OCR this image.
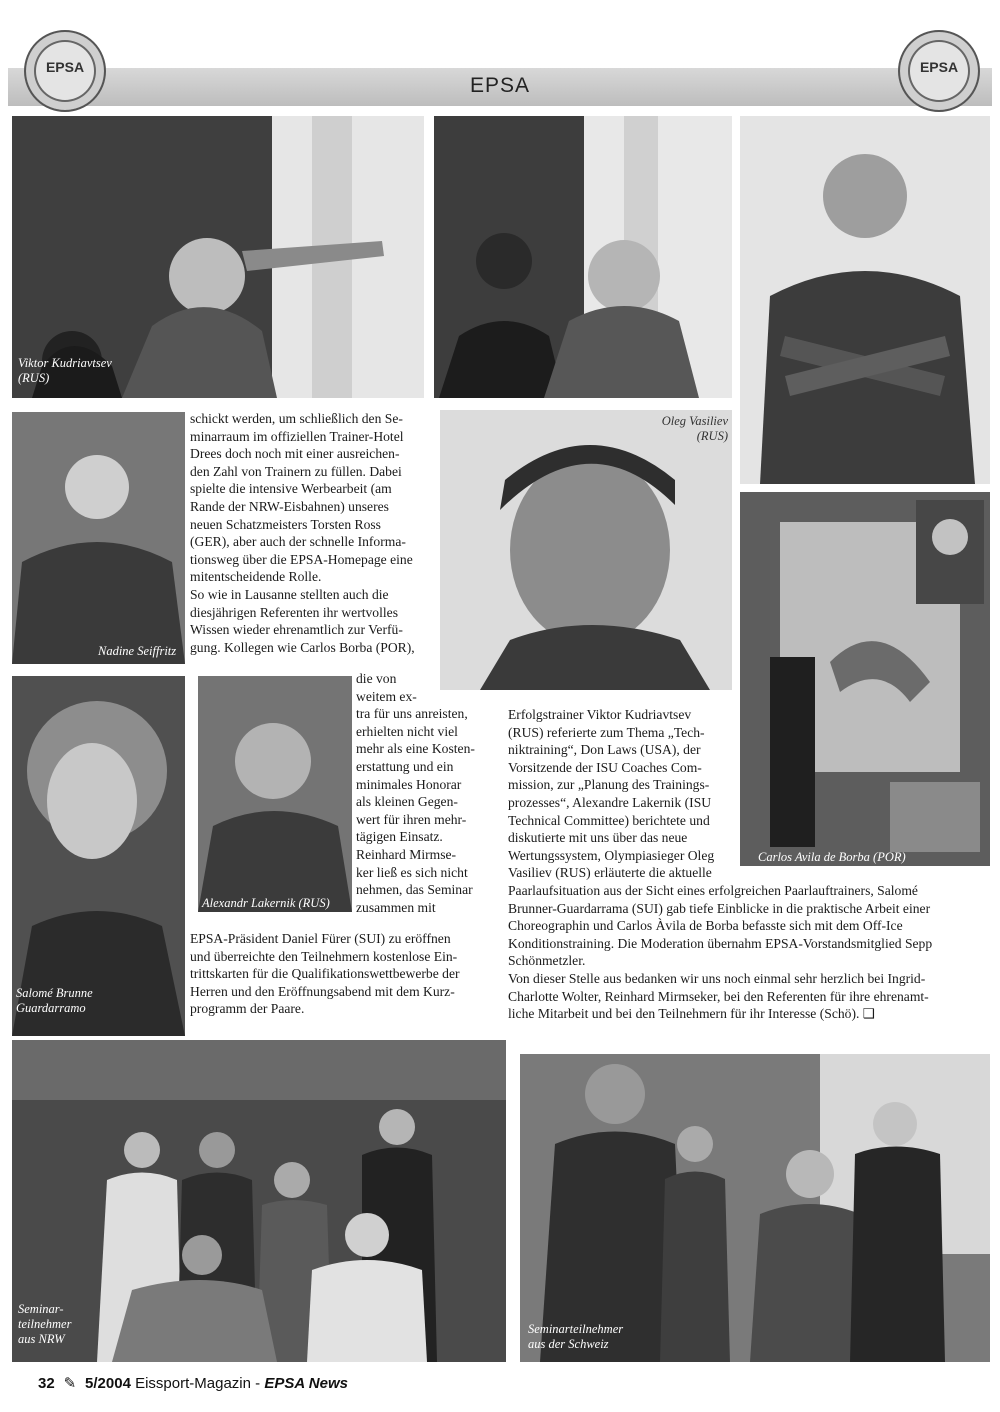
EPSA
EPSA	EPSA
Viktor Kudriavtsev
(RUS)
Nadine Seiffritz
schickt werden, um schließlich den Se-
minarraum im offiziellen Trainer-Hotel
Drees doch noch mit einer ausreichen-
den Zahl von Trainern zu füllen. Dabei
spielte die intensive Werbearbeit (am
Rande der NRW-Eisbahnen) unseres
neuen Schatzmeisters Torsten Ross
(GER), aber auch der schnelle Informa-
tionsweg über die EPSA-Homepage eine
mitentscheidende Rolle.
So wie in Lausanne stellten auch die
diesjährigen Referenten ihr wertvolles
Wissen wieder ehrenamtlich zur Verfü-
gung. Kollegen wie Carlos Borba (POR),
Oleg Vasiliev
(RUS)
Carlos Avila de Borba (POR)
Salomé Brunne
Guardarramo
Alexandr Lakernik (RUS)
die von
weitem ex-
tra für uns anreisten,
erhielten nicht viel
mehr als eine Kosten-
erstattung und ein
minimales Honorar
als kleinen Gegen-
wert für ihren mehr-
tägigen Einsatz.
Reinhard Mirmse-
ker ließ es sich nicht
nehmen, das Seminar
zusammen mit
EPSA-Präsident Daniel Fürer (SUI) zu eröffnen
und überreichte den Teilnehmern kostenlose Ein-
trittskarten für die Qualifikationswettbewerbe der
Herren und den Eröffnungsabend mit dem Kurz-
programm der Paare.
Erfolgstrainer Viktor Kudriavtsev
(RUS) referierte zum Thema „Tech-
niktraining“, Don Laws (USA), der
Vorsitzende der ISU Coaches Com-
mission, zur „Planung des Trainings-
prozesses“, Alexandre Lakernik (ISU
Technical Committee) berichtete und
diskutierte mit uns über das neue
Wertungssystem, Olympiasieger Oleg
Vasiliev (RUS) erläuterte die aktuelle
Paarlaufsituation aus der Sicht eines erfolgreichen Paarlauftrainers, Salomé
Brunner-Guardarrama (SUI) gab tiefe Einblicke in die praktische Arbeit einer
Choreographin und Carlos Àvila de Borba befasste sich mit dem Off-Ice
Konditionstraining. Die Moderation übernahm EPSA-Vorstandsmitglied Sepp
Schönmetzler.
Von dieser Stelle aus bedanken wir uns noch einmal sehr herzlich bei Ingrid-
Charlotte Wolter, Reinhard Mirmseker, bei den Referenten für ihre ehrenamt-
liche Mitarbeit und bei den Teilnehmern für ihr Interesse (Schö). ❑
Seminar-
teilnehmer
aus NRW
Seminarteilnehmer
aus der Schweiz
32 ✎ 5/2004 Eissport-Magazin - EPSA News
